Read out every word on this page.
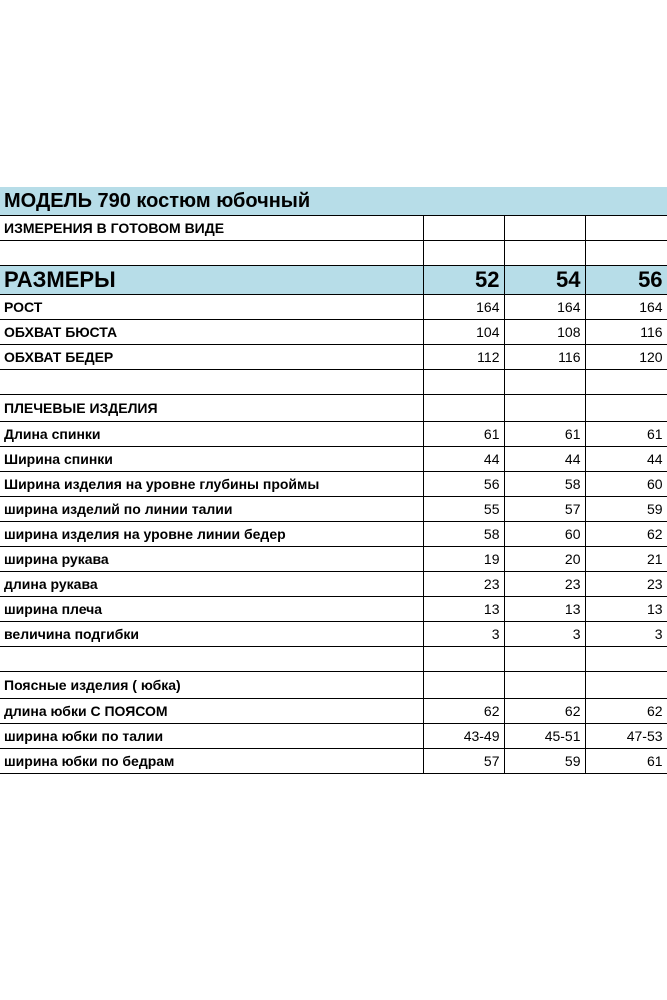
МОДЕЛЬ 790 костюм юбочный			
ИЗМЕРЕНИЯ В ГОТОВОМ ВИДЕ			

РАЗМЕРЫ	52	54	56
РОСТ	164	164	164
ОБХВАТ БЮСТА	104	108	116
ОБХВАТ БЕДЕР	112	116	120

ПЛЕЧЕВЫЕ ИЗДЕЛИЯ			
Длина спинки	61	61	61
Ширина спинки	44	44	44
Ширина изделия на уровне глубины проймы	56	58	60
ширина изделий по линии талии	55	57	59
ширина изделия на уровне линии бедер	58	60	62
ширина рукава	19	20	21
длина рукава	23	23	23
ширина плеча	13	13	13
величина подгибки	3	3	3

Поясные изделия ( юбка)			
длина юбки С ПОЯСОМ	62	62	62
ширина юбки по талии	43-49	45-51	47-53
ширина юбки по бедрам	57	59	61
